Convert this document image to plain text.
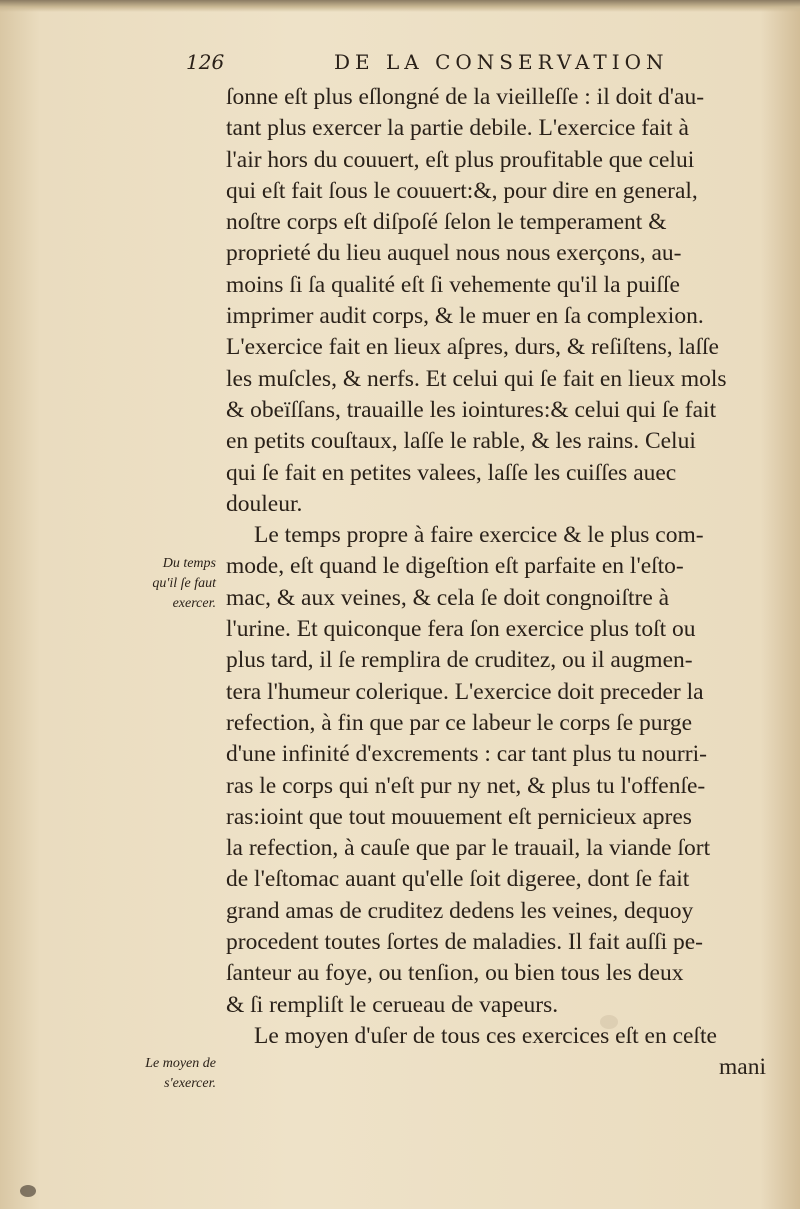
126	DE LA CONSERVATION
ſonne eſt plus eſlongné de la vieilleſſe : il doit d'au-
tant plus exercer la partie debile. L'exercice fait à
l'air hors du couuert, eſt plus proufitable que celui
qui eſt fait ſous le couuert:&, pour dire en general,
noſtre corps eſt diſpoſé ſelon le temperament &
proprieté du lieu auquel nous nous exerçons, au-
moins ſi ſa qualité eſt ſi vehemente qu'il la puiſſe
imprimer audit corps, & le muer en ſa complexion.
L'exercice fait en lieux aſpres, durs, & reſiſtens, laſſe
les muſcles, & nerfs. Et celui qui ſe fait en lieux mols
& obeïſſans, trauaille les iointures:& celui qui ſe fait
en petits couſtaux, laſſe le rable, & les rains. Celui
qui ſe fait en petites valees, laſſe les cuiſſes auec
douleur.
Le temps propre à faire exercice & le plus com-
mode, eſt quand le digeſtion eſt parfaite en l'eſto-
mac, & aux veines, & cela ſe doit congnoiſtre à
l'urine. Et quiconque fera ſon exercice plus toſt ou
plus tard, il ſe remplira de cruditez, ou il augmen-
tera l'humeur colerique. L'exercice doit preceder la
refection, à fin que par ce labeur le corps ſe purge
d'une infinité d'excrements : car tant plus tu nourri-
ras le corps qui n'eſt pur ny net, & plus tu l'offenſe-
ras:ioint que tout mouuement eſt pernicieux apres
la refection, à cauſe que par le trauail, la viande ſort
de l'eſtomac auant qu'elle ſoit digeree, dont ſe fait
grand amas de cruditez dedens les veines, dequoy
procedent toutes ſortes de maladies. Il fait auſſi pe-
ſanteur au foye, ou tenſion, ou bien tous les deux
& ſi rempliſt le cerueau de vapeurs.
Le moyen d'uſer de tous ces exercices eſt en ceſte
mani
Du temps
qu'il ſe faut
exercer.
Le moyen de
s'exercer.
